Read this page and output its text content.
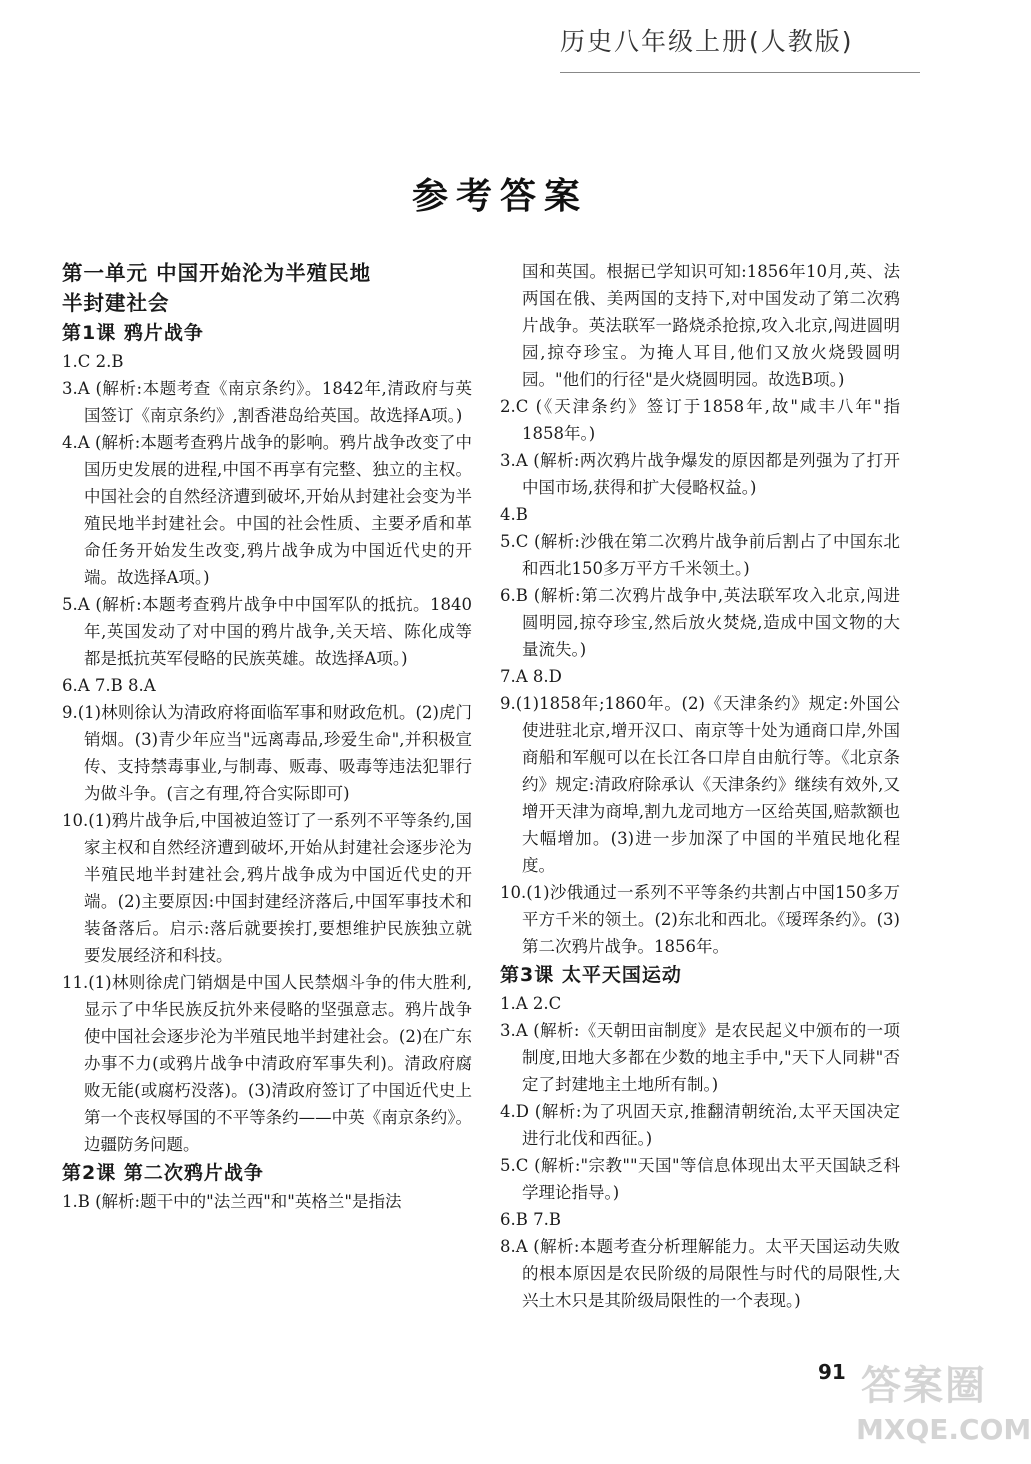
历史八年级上册(人教版)
参考答案

第一单元 中国开始沦为半殖民地

半封建社会

第1课 鸦片战争

1.C 2.B

3.A (解析:本题考查《南京条约》。1842年,清政府与英国签订《南京条约》,割香港岛给英国。故选择A项。)

4.A (解析:本题考查鸦片战争的影响。鸦片战争改变了中国历史发展的进程,中国不再享有完整、独立的主权。中国社会的自然经济遭到破坏,开始从封建社会变为半殖民地半封建社会。中国的社会性质、主要矛盾和革命任务开始发生改变,鸦片战争成为中国近代史的开端。故选择A项。)

5.A (解析:本题考查鸦片战争中中国军队的抵抗。1840年,英国发动了对中国的鸦片战争,关天培、陈化成等都是抵抗英军侵略的民族英雄。故选择A项。)

6.A 7.B 8.A

9.(1)林则徐认为清政府将面临军事和财政危机。(2)虎门销烟。(3)青少年应当"远离毒品,珍爱生命",并积极宣传、支持禁毒事业,与制毒、贩毒、吸毒等违法犯罪行为做斗争。(言之有理,符合实际即可)

10.(1)鸦片战争后,中国被迫签订了一系列不平等条约,国家主权和自然经济遭到破坏,开始从封建社会逐步沦为半殖民地半封建社会,鸦片战争成为中国近代史的开端。(2)主要原因:中国封建经济落后,中国军事技术和装备落后。启示:落后就要挨打,要想维护民族独立就要发展经济和科技。

11.(1)林则徐虎门销烟是中国人民禁烟斗争的伟大胜利,显示了中华民族反抗外来侵略的坚强意志。鸦片战争使中国社会逐步沦为半殖民地半封建社会。(2)在广东办事不力(或鸦片战争中清政府军事失利)。清政府腐败无能(或腐朽没落)。(3)清政府签订了中国近代史上第一个丧权辱国的不平等条约——中英《南京条约》。边疆防务问题。

第2课 第二次鸦片战争

1.B (解析:题干中的"法兰西"和"英格兰"是指法

国和英国。根据已学知识可知:1856年10月,英、法两国在俄、美两国的支持下,对中国发动了第二次鸦片战争。英法联军一路烧杀抢掠,攻入北京,闯进圆明园,掠夺珍宝。为掩人耳目,他们又放火烧毁圆明园。"他们的行径"是火烧圆明园。故选B项。)

2.C (《天津条约》签订于1858年,故"咸丰八年"指1858年。)

3.A (解析:两次鸦片战争爆发的原因都是列强为了打开中国市场,获得和扩大侵略权益。)

4.B

5.C (解析:沙俄在第二次鸦片战争前后割占了中国东北和西北150多万平方千米领土。)

6.B (解析:第二次鸦片战争中,英法联军攻入北京,闯进圆明园,掠夺珍宝,然后放火焚烧,造成中国文物的大量流失。)

7.A 8.D

9.(1)1858年;1860年。(2)《天津条约》规定:外国公使进驻北京,增开汉口、南京等十处为通商口岸,外国商船和军舰可以在长江各口岸自由航行等。《北京条约》规定:清政府除承认《天津条约》继续有效外,又增开天津为商埠,割九龙司地方一区给英国,赔款额也大幅增加。(3)进一步加深了中国的半殖民地化程度。

10.(1)沙俄通过一系列不平等条约共割占中国150多万平方千米的领土。(2)东北和西北。《瑷珲条约》。(3)第二次鸦片战争。1856年。

第3课 太平天国运动

1.A 2.C

3.A (解析:《天朝田亩制度》是农民起义中颁布的一项制度,田地大多都在少数的地主手中,"天下人同耕"否定了封建地主土地所有制。)

4.D (解析:为了巩固天京,推翻清朝统治,太平天国决定进行北伐和西征。)

5.C (解析:"宗教""天国"等信息体现出太平天国缺乏科学理论指导。)

6.B 7.B

8.A (解析:本题考查分析理解能力。太平天国运动失败的根本原因是农民阶级的局限性与时代的局限性,大兴土木只是其阶级局限性的一个表现。)

91 答案圈
MXQE.COM
